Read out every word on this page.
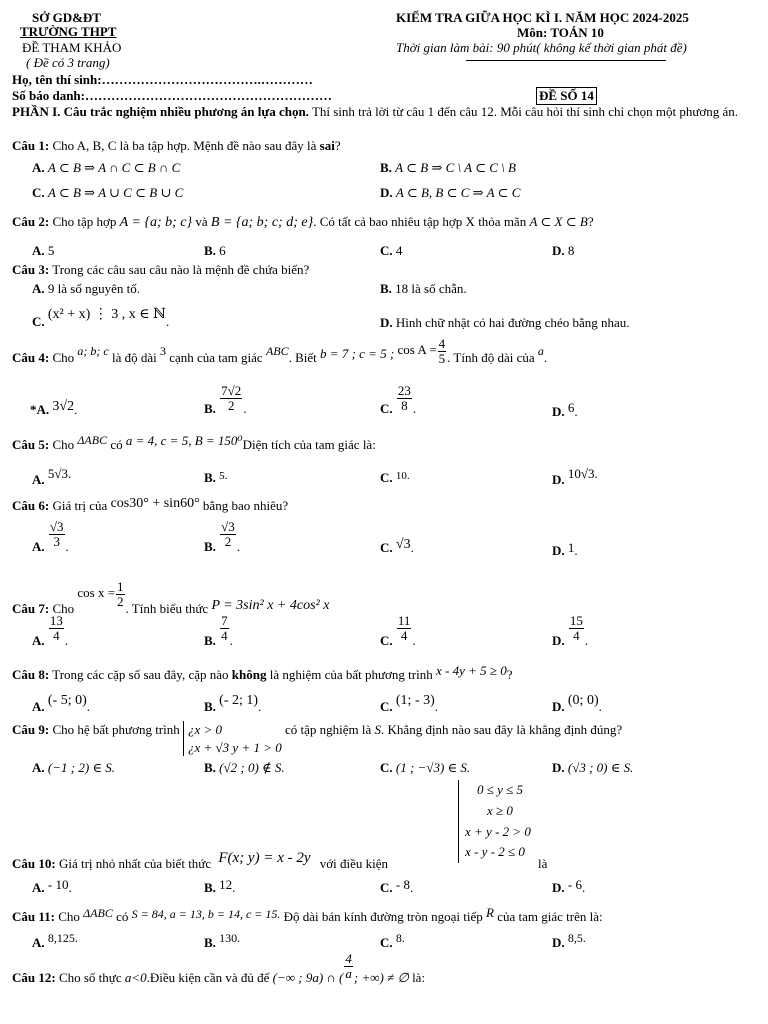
SỞ GD&ĐT
TRƯỜNG THPT
ĐỀ THAM KHẢO
( Đề có 3 trang)
KIỂM TRA GIỮA HỌC KÌ I. NĂM HỌC 2024-2025
Môn: TOÁN 10
Thời gian làm bài: 90 phút( không kể thời gian phát đề)
Họ, tên thí sinh:……………………………….…………
Số báo danh:…………………………………………………	ĐỀ SỐ 14
PHẦN I. Câu trắc nghiệm nhiều phương án lựa chọn. Thí sinh trả lời từ câu 1 đến câu 12. Mỗi câu hỏi thí sinh chỉ chọn một phương án.
Câu 1: Cho A, B, C là ba tập hợp. Mệnh đề nào sau đây là sai?
A. A ⊂ B ⇒ A ∩ C ⊂ B ∩ C	B. A ⊂ B ⇒ C \ A ⊂ C \ B
C. A ⊂ B ⇒ A ∪ C ⊂ B ∪ C	D. A ⊂ B, B ⊂ C ⇒ A ⊂ C
Câu 2: Cho tập hợp A = {a; b; c} và B = {a; b; c; d; e}. Có tất cả bao nhiêu tập hợp X thỏa mãn A ⊂ X ⊂ B?
A. 5	B. 6	C. 4	D. 8
Câu 3: Trong các câu sau câu nào là mệnh đề chứa biến?
A. 9 là số nguyên tố.	B. 18 là số chẵn.
C. (x² + x) ⋮ 3 , x ∈ ℕ.	D. Hình chữ nhật có hai đường chéo bằng nhau.
Câu 4: Cho a; b; c là độ dài 3 cạnh của tam giác ABC. Biết b = 7 ; c = 5 ; $\cos A = \frac{4}{5}$ . Tính độ dài của a.
*A. 3√2.	B. $\frac{7√2}{2}$ .	C. $\frac{23}{8}$ .	D. 6.
Câu 5: Cho ΔABC có a = 4, c = 5, B = 150⁰Diện tích của tam giác là:
A. 5√3.	B. $^{5.}$	C. $^{10.}$	D. 10√3.
Câu 6: Giá trị của cos30° + sin60° bằng bao nhiêu?
A. $\frac{√3}{3}$ .	B. $\frac{√3}{2}$ .	C. √3.	D. 1.
Câu 7: Cho $\cos x = \frac{1}{2}$
. Tính biểu thức P = 3sin² x + 4cos² x
A. $\frac{13}{4}$ .	B. $\frac{7}{4}$ .	C. $\frac{11}{4}$ .	D. $\frac{15}{4}$ .
Câu 8: Trong các cặp số sau đây, cặp nào không là nghiệm của bất phương trình x - 4y + 5 ≥ 0?
A. (- 5; 0).	B. (- 2; 1).	C. (1; - 3).	D. (0; 0).
Câu 9: Cho hệ bất phương trình ¿x > 0
¿x + √3 y + 1 > 0
có tập nghiệm là S. Khẳng định nào sau đây là khẳng định đúng?
A. (−1 ; 2) ∈ S.	B. (√2 ; 0) ∉ S.	C. (1 ; −√3) ∈ S.	D. (√3 ; 0) ∈ S.
0 ≤ y ≤ 5
x ≥ 0
x + y - 2 > 0
x - y - 2 ≤ 0
Câu 10: Giá trị nhỏ nhất của biết thức F(x; y) = x - 2y với điều kiện	là
A. - 10.	B. 12.	C. - 8.	D. - 6.
Câu 11: Cho ΔABC có S = 84, a = 13, b = 14, c = 15. Độ dài bán kính đường tròn ngoại tiếp R của tam giác trên là:
A. 8,125.	B. 130.	C. 8.	D. 8,5.
Câu 12: Cho số thực a<0.Điều kiện cần và đủ để (−∞ ; 9a) ∩ ( $\frac{4}{a}$ ; +∞) ≠ ∅ là:
